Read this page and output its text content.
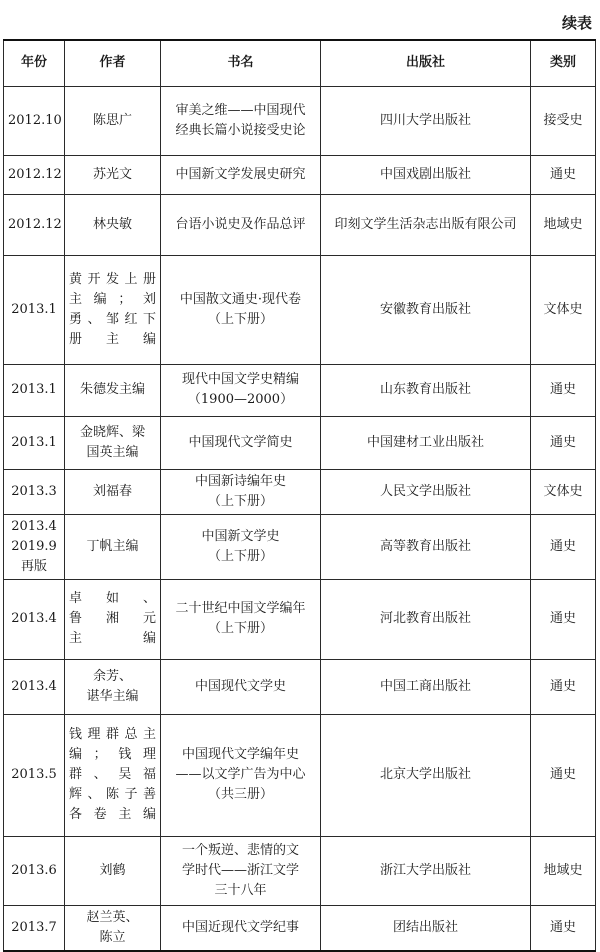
续表
年份	作者	书名	出版社	类别

2012.10	陈思广	审美之维——中国现代
经典长篇小说接受史论	四川大学出版社	接受史

2012.12	苏光文	中国新文学发展史研究	中国戏剧出版社	通史

2012.12	林央敏	台语小说史及作品总评	印刻文学生活杂志出版有限公司	地域史

2013.1	黄开发上册
主编；刘
勇、邹红下
册主编	中国散文通史·现代卷
（上下册）	安徽教育出版社	文体史

2013.1	朱德发主编	现代中国文学史精编
（1900—2000）	山东教育出版社	通史

2013.1	金晓辉、梁
国英主编	中国现代文学简史	中国建材工业出版社	通史

2013.3	刘福春	中国新诗编年史
（上下册）	人民文学出版社	文体史

2013.4
2019.9
再版	丁帆主编	中国新文学史
（上下册）	高等教育出版社	通史

2013.4	卓如、
鲁湘元
主编	二十世纪中国文学编年
（上下册）	河北教育出版社	通史

2013.4	余芳、
谌华主编	中国现代文学史	中国工商出版社	通史

2013.5	钱理群总主
编；钱理
群、吴福
辉、陈子善
各卷主编	中国现代文学编年史
——以文学广告为中心
（共三册）	北京大学出版社	通史

2013.6	刘鹤	一个叛逆、悲情的文
学时代——浙江文学
三十八年	浙江大学出版社	地域史

2013.7	赵兰英、
陈立	中国近现代文学纪事	团结出版社	通史
